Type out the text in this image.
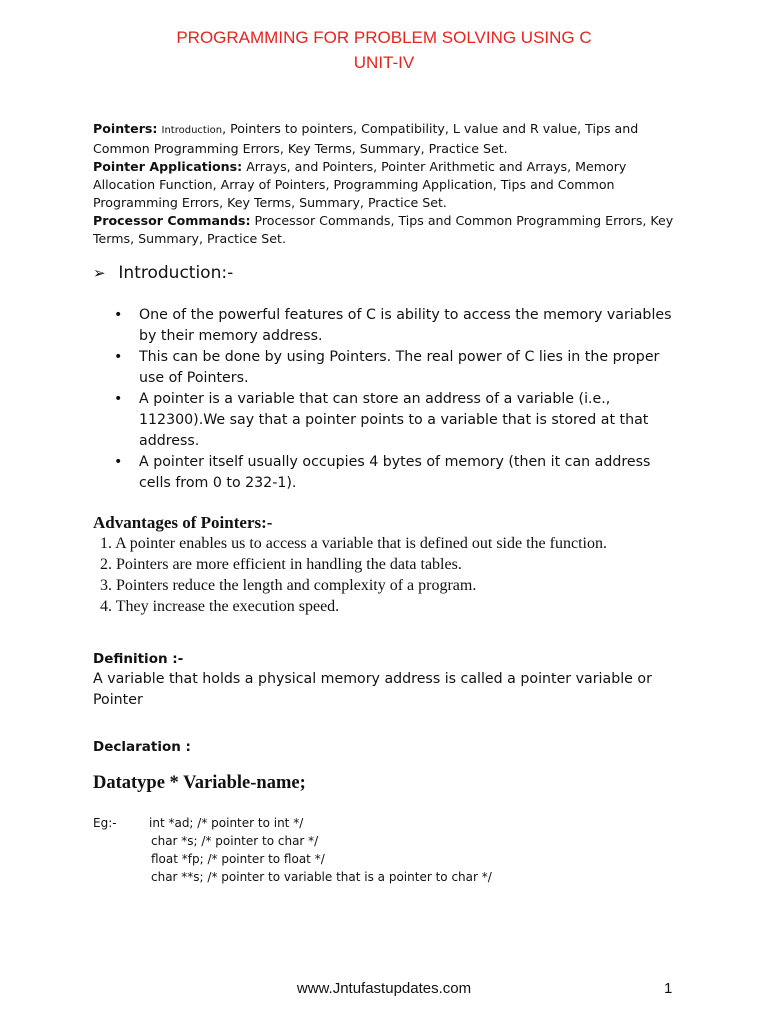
PROGRAMMING FOR PROBLEM SOLVING USING C
UNIT-IV

Pointers: Introduction, Pointers to pointers, Compatibility, L value and R value, Tips and Common Programming Errors, Key Terms, Summary, Practice Set.

Pointer Applications: Arrays, and Pointers, Pointer Arithmetic and Arrays, Memory Allocation Function, Array of Pointers, Programming Application, Tips and Common Programming Errors, Key Terms, Summary, Practice Set.

Processor Commands: Processor Commands, Tips and Common Programming Errors, Key Terms, Summary, Practice Set.

➢ Introduction:-
•	One of the powerful features of C is ability to access the memory variables by their memory address.
•	This can be done by using Pointers. The real power of C lies in the proper use of Pointers.
•	A pointer is a variable that can store an address of a variable (i.e., 112300).We say that a pointer points to a variable that is stored at that address.
•	A pointer itself usually occupies 4 bytes of memory (then it can address cells from 0 to 232-1).
Advantages of Pointers:-
1. A pointer enables us to access a variable that is defined out side the function.
2. Pointers are more efficient in handling the data tables.
3. Pointers reduce the length and complexity of a program.
4. They increase the execution speed.
Definition :-
A variable that holds a physical memory address is called a pointer variable or Pointer
Declaration :
Datatype * Variable-name;
Eg:-	int *ad; /* pointer to int */
char *s; /* pointer to char */
float *fp; /* pointer to float */
char **s; /* pointer to variable that is a pointer to char */
www.Jntufastupdates.com	1
